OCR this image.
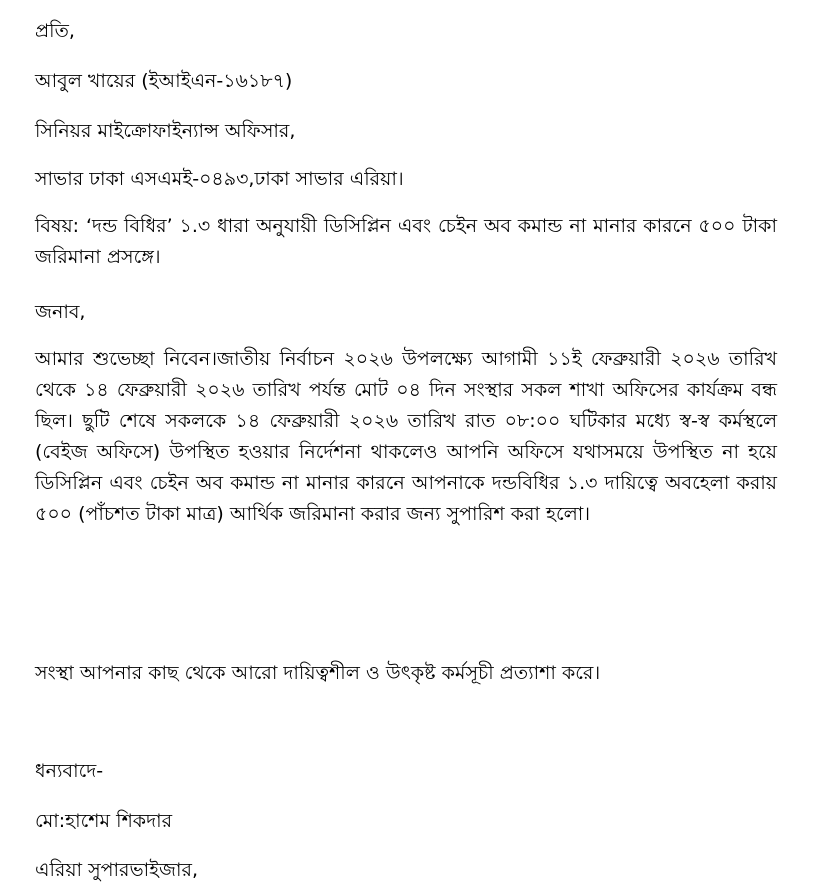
প্রতি,
আবুল খায়ের (ইআইএন-১৬১৮৭)
সিনিয়র মাইক্রোফাইন্যান্স অফিসার,
সাভার ঢাকা এসএমই-০৪৯৩,ঢাকা সাভার এরিয়া।
বিষয়: ‘দন্ড বিধির’ ১.৩ ধারা অনুযায়ী ডিসিপ্লিন এবং চেইন অব কমান্ড না মানার কারনে ৫০০ টাকা জরিমানা প্রসঙ্গে।
জনাব,
আমার শুভেচ্ছা নিবেন।জাতীয় নির্বাচন ২০২৬ উপলক্ষ্যে আগামী ১১ই ফেব্রুয়ারী ২০২৬ তারিখ থেকে ১৪ ফেব্রুয়ারী ২০২৬ তারিখ পর্যন্ত মোট ০৪ দিন সংস্থার সকল শাখা অফিসের কার্যক্রম বন্ধ ছিল। ছুটি শেষে সকলকে ১৪ ফেব্রুয়ারী ২০২৬ তারিখ রাত ০৮:০০ ঘটিকার মধ্যে স্ব-স্ব কর্মস্থলে (বেইজ অফিসে) উপস্থিত হওয়ার নির্দেশনা থাকলেও আপনি অফিসে যথাসময়ে উপস্থিত না হয়ে ডিসিপ্লিন এবং চেইন অব কমান্ড না মানার কারনে আপনাকে দন্ডবিধির ১.৩ দায়িত্বে অবহেলা করায় ৫০০ (পাঁচশত টাকা মাত্র) আর্থিক জরিমানা করার জন্য সুপারিশ করা হলো।
সংস্থা আপনার কাছ থেকে আরো দায়িত্বশীল ও উৎকৃষ্ট কর্মসূচী প্রত্যাশা করে।
ধন্যবাদে-
মো:হাশেম শিকদার
এরিয়া সুপারভাইজার,
